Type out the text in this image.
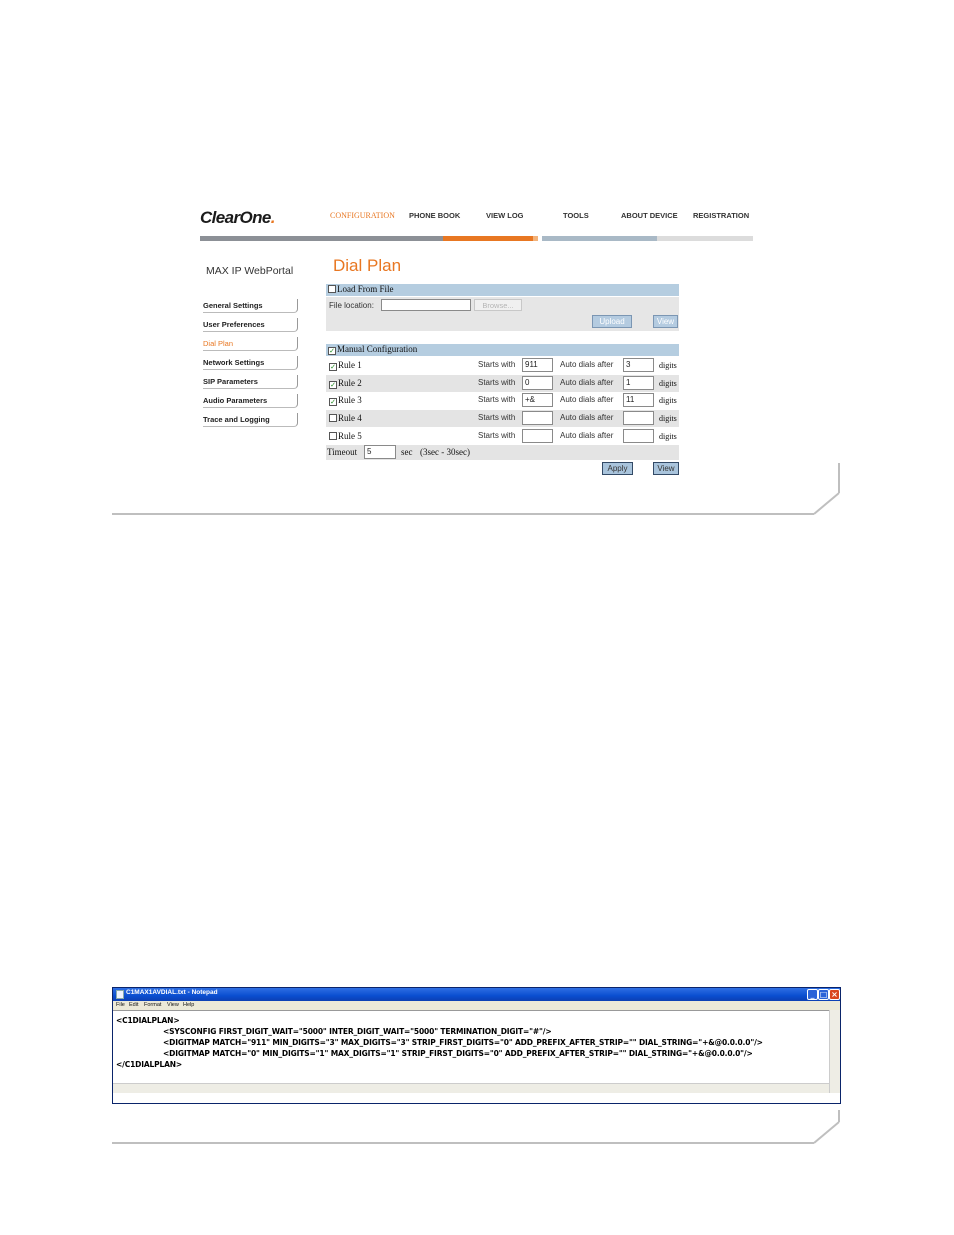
ClearOne.	CONFIGURATION PHONE BOOK	VIEW LOG	TOOLS	ABOUT DEVICE REGISTRATION
MAX IP WebPortal
General Settings
User Preferences
Dial Plan
Network Settings
SIP Parameters
Audio Parameters
Trace and Logging
Dial Plan
Load From File
File location:	Browse...
Upload	View
✓ Manual Configuration
✓ Rule 1	Starts with	911	Auto dials after	3	digits
✓ Rule 2	Starts with	0	Auto dials after	1	digits
✓ Rule 3	Starts with	+&	Auto dials after	11	digits
Rule 4	Starts with	Auto dials after	digits
Rule 5	Starts with	Auto dials after	digits
Timeout	5	sec (3sec - 30sec)
Apply	View
C1MAX1AVDIAL.txt - Notepad	_ □ ×
File Edit Format View Help
<C1DIALPLAN>
<SYSCONFIG FIRST_DIGIT_WAIT="5000" INTER_DIGIT_WAIT="5000" TERMINATION_DIGIT="#"/>
<DIGITMAP MATCH="911" MIN_DIGITS="3" MAX_DIGITS="3" STRIP_FIRST_DIGITS="0" ADD_PREFIX_AFTER_STRIP="" DIAL_STRING="+&@0.0.0.0"/>
<DIGITMAP MATCH="0" MIN_DIGITS="1" MAX_DIGITS="1" STRIP_FIRST_DIGITS="0" ADD_PREFIX_AFTER_STRIP="" DIAL_STRING="+&@0.0.0.0"/>
</C1DIALPLAN>
